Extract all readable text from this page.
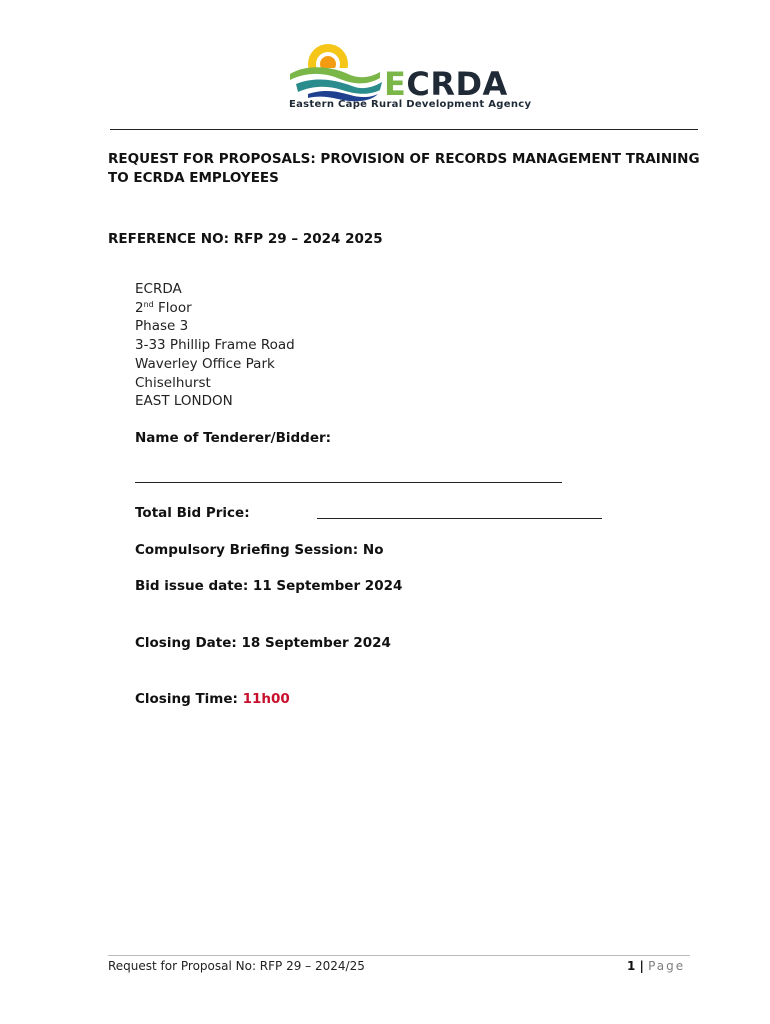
ECRDA
Eastern Cape Rural Development Agency
REQUEST FOR PROPOSALS: PROVISION OF RECORDS MANAGEMENT TRAINING TO ECRDA EMPLOYEES
REFERENCE NO: RFP 29 – 2024 2025
ECRDA
2nd Floor
Phase 3
3-33 Phillip Frame Road
Waverley Office Park
Chiselhurst
EAST LONDON
Name of Tenderer/Bidder:
Total Bid Price:
Compulsory Briefing Session: No
Bid issue date: 11 September 2024
Closing Date: 18 September 2024
Closing Time: 11h00
Request for Proposal No: RFP 29 – 2024/25	1 | Page
